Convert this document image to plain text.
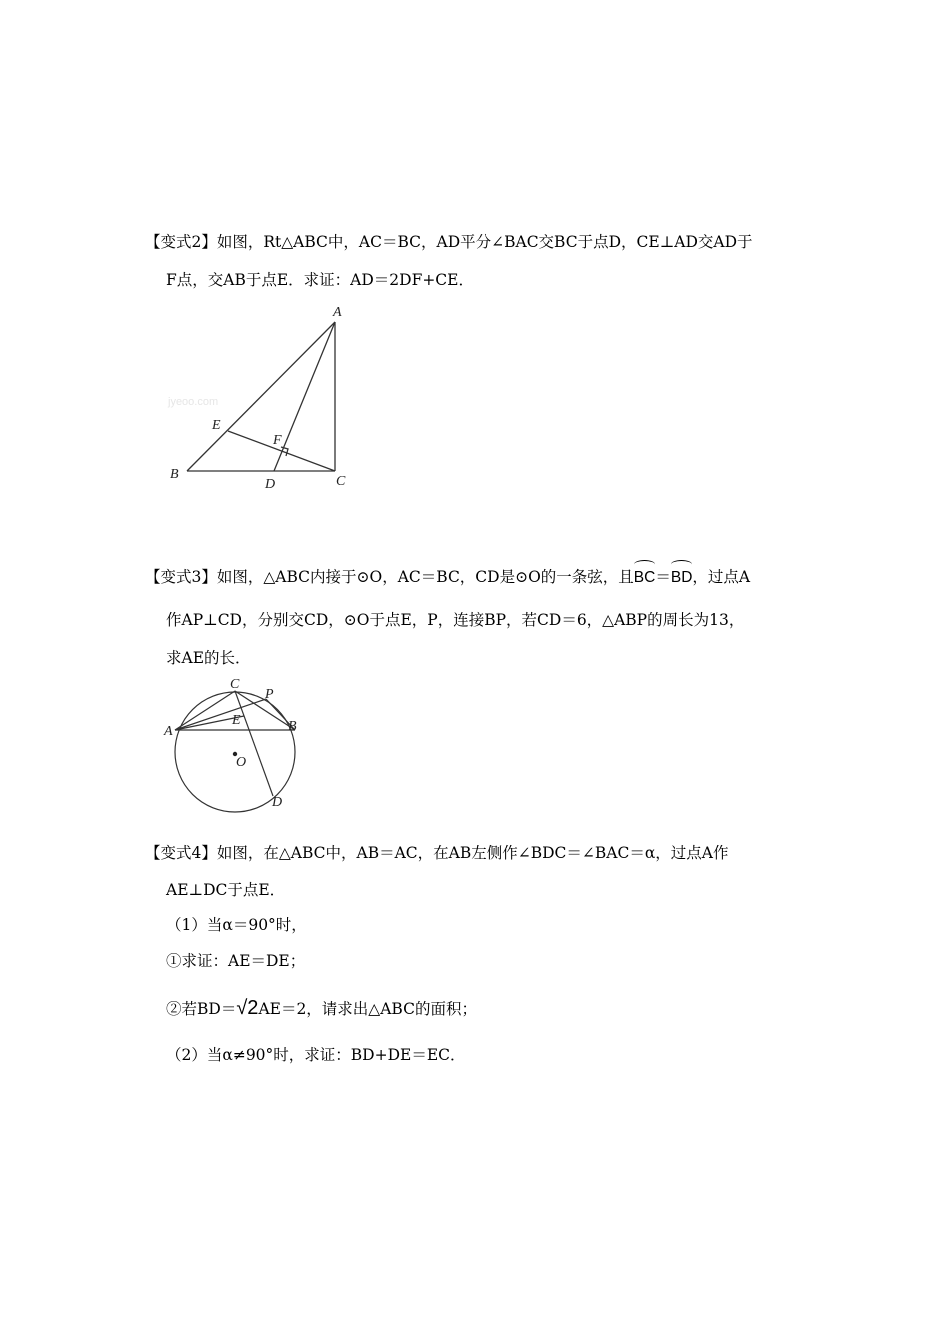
【变式2】如图，Rt△ABC中，AC＝BC，AD平分∠BAC交BC于点D，CE⊥AD交AD于
F点，交AB于点E．求证：AD＝2DF+CE．
jyeoo.com
A
B	C
D
E
F
【变式3】如图，△ABC内接于⊙O，AC＝BC，CD是⊙O的一条弦，且BC＝BD，过点A
作AP⊥CD，分别交CD，⊙O于点E，P，连接BP，若CD＝6，△ABP的周长为13，
求AE的长．
C
P
E
A	B
O
D
【变式4】如图，在△ABC中，AB＝AC，在AB左侧作∠BDC＝∠BAC＝α，过点A作
AE⊥DC于点E．
（1）当α＝90°时，
①求证：AE＝DE；
②若BD＝√2AE＝2，请求出△ABC的面积；
（2）当α≠90°时，求证：BD+DE＝EC．
